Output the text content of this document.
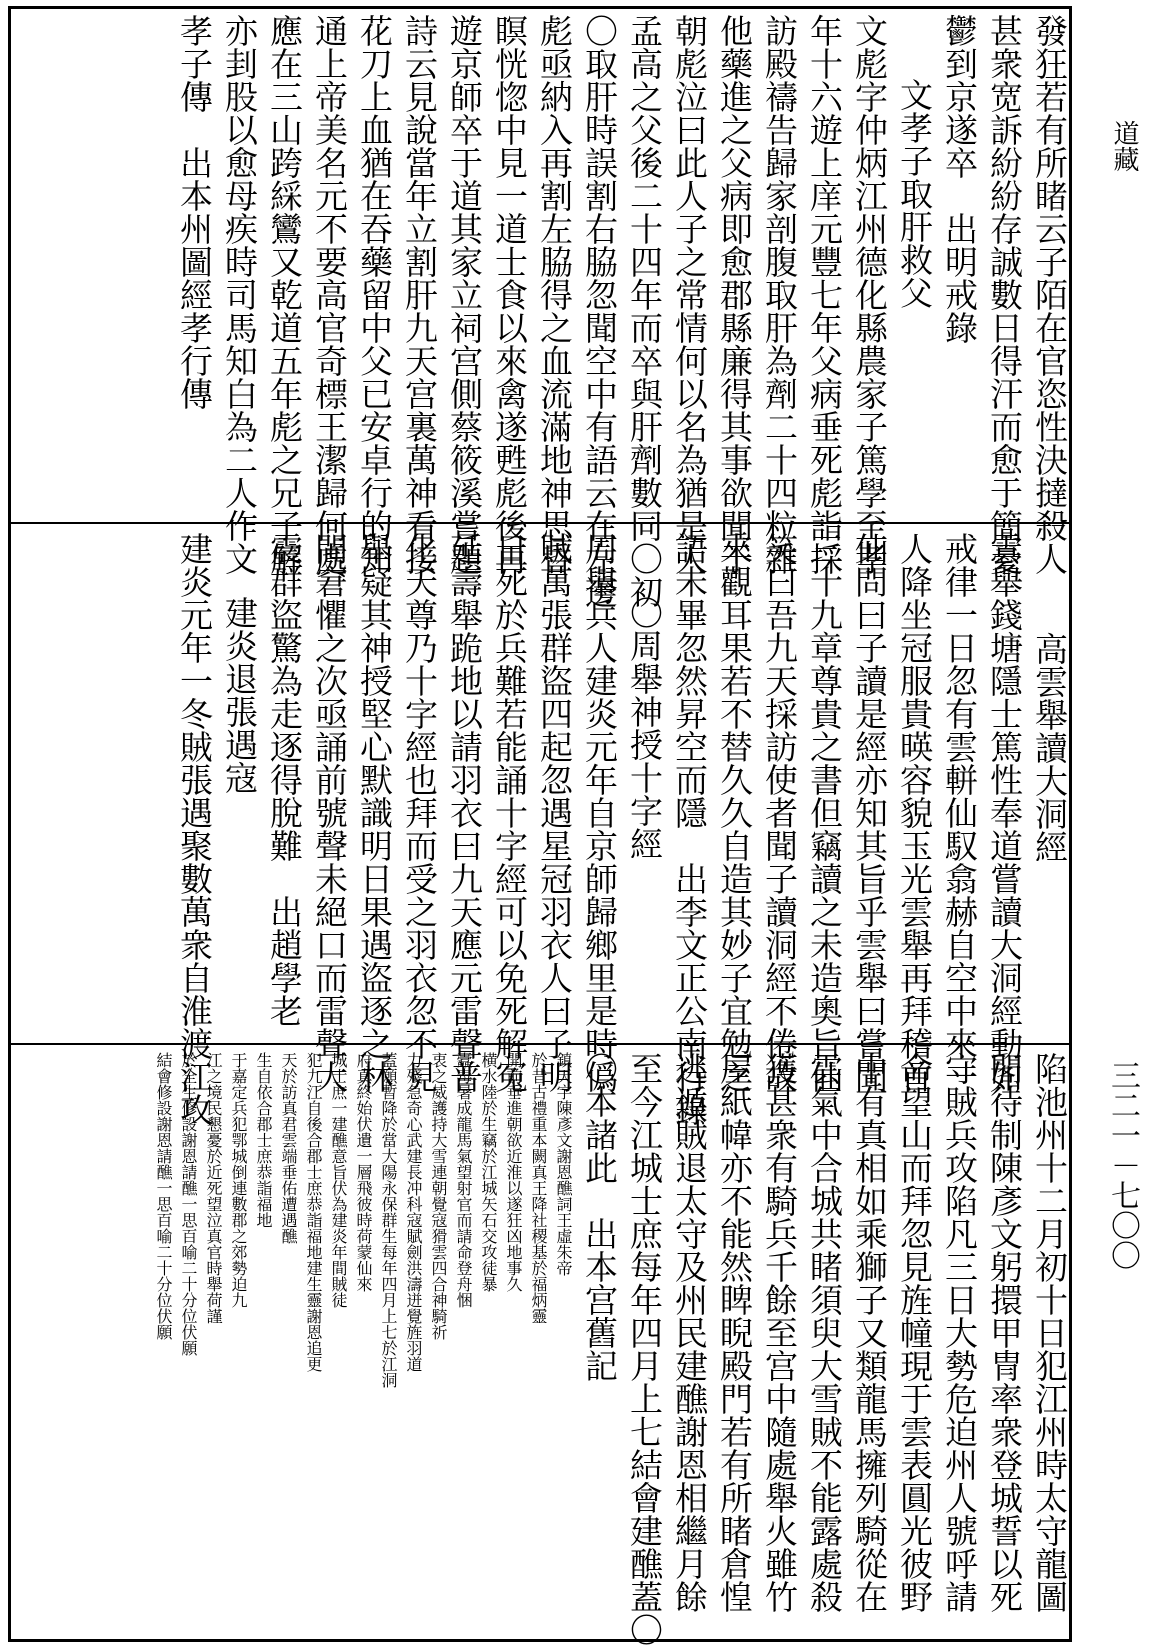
發狂若有所睹云子陌在官恣性決撻殺人
甚衆宽訴紛紛存誠數日得汗而愈于簡憂
鬱到京遂卒　出明戒錄
文孝子取肝救父
文彪字仲炳江州德化縣農家子篤學至孝
年十六遊上庠元豐七年父病垂死彪詣採
訪殿禱告歸家剖腹取肝為劑二十四粒雜
他藥進之父病即愈郡縣廉得其事欲聞于
朝彪泣曰此人子之常情何以名為猶是人
孟高之父後二十四年而卒與肝劑數同〇初
〇取肝時誤割右脇忽聞空中有語云在左邊
彪亟納入再割左脇得之血流滿地神思昏
瞑恍惚中見一道士食以來禽遂甦彪後再
遊京師卒于道其家立祠宫側蔡筱溪嘗題
詩云見說當年立割肝九天宫裏萬神看接
花刀上血猶在吞藥留中父已安卓行的知
通上帝美名元不要高官奇標王潔歸何處
應在三山跨綵鸞又乾道五年彪之兄子解
亦刲股以愈母疾時司馬知白為二人作文
孝子傳　出本州圖經孝行傳
高雲舉讀大洞經
雲舉錢塘隱士篤性奉道嘗讀大洞經動如
戒律一日忽有雲軿仙馭翕赫自空中來一
人降坐冠服貴暎容貌玉光雲舉再拜稽首
仙問曰子讀是經亦知其旨乎雲舉曰嘗聞
三十九章尊貴之書但竊讀之未造奧旨仙
笑曰吾九天採訪使者聞子讀洞經不倦故
來觀耳果若不替久久自造其妙子宜勉之
語未畢忽然昇空而隱　出李文正公南行錄
〇周舉神授十字經
周舉兵人建炎元年自京師歸鄉里是時僞
賊萬張群盜四起忽遇星冠羽衣人曰子明
日死於兵難若能誦十字經可以免死解冤
延壽舉跪地以請羽衣曰九天應元雷聲普
化天尊乃十字經也拜而受之羽衣忽不見
舉疑其神授堅心默識明日果遇盜逐之林
間窘懼之次亟誦前號聲未絕口而雷聲大
震群盜驚為走逐得脫難　出趙學老
建炎退張遇寇
建炎元年一冬賊張遇聚數萬衆自淮渡江攻
陷池州十二月初十日犯江州時太守龍圖
閣待制陳彥文躬擐甲冑率衆登城誓以死
守賊兵攻陷凡三日大勢危迫州人號呼請
命望山而拜忽見旌幢現于雲表圓光彼野
中有真相如乘獅子又類龍馬擁列騎從在
雲氣中合城共睹須臾大雪賊不能露處殺
獲甚衆有騎兵千餘至宫中隨處舉火雖竹
屋紙幃亦不能然睥睨殿門若有所睹倉惶
逃遁賊退太守及州民建醮謝恩相繼月餘
至今江城士庶每年四月上七結會建醮蓋〇
〇本諸此　出本宫舊記
鎮天宇陳彥文謝恩醮詞王虛朱帝
於昔古禮重本闕真王降社稷基於福炳靈
開前垂進朝欲近淮以遂狂凶地事久
横水陸於生竊於江城矢石交攻徒暴
蠹毒暑成龍馬氣望射官而請命登舟悃
衷之威護持大雪連朝覺寇猾雲四合神騎祈
力殘急奇心武建長冲科寇賦劍洪濤迸覺旌羽道
蓋願暫降於當大陽永保群生每年四月上七於江洞
府真終始伏遺一層飛彼時荷蒙仙來
城士庶一建醮意旨伏為建炎年間賊徒
犯九江自後合郡士庶恭詣福地建生靈謝恩追更
天於訪真君雲端垂佑遭遇醮
生自依合郡士庶恭詣福地
于嘉定兵犯鄂城倒連數郡之郊勢迫九
江之境民懇憂於近死望泣真官時舉荷謹
於全生修設謝恩請醮一思百喻二十分位伏願
結會修設謝恩請醮一思百喻二十分位伏願
道藏
三二一－七〇〇
